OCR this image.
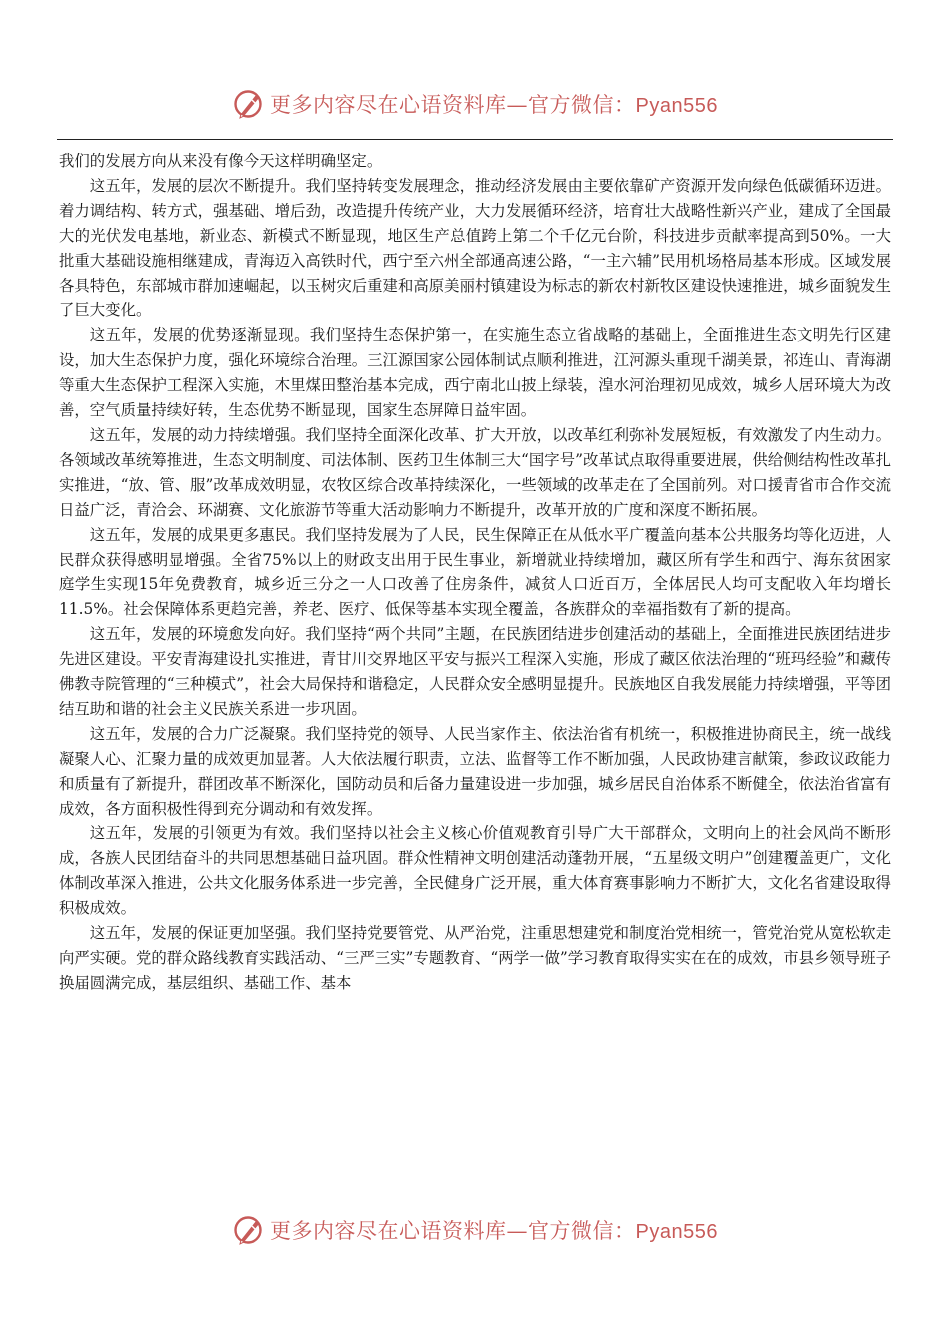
更多内容尽在心语资料库—官方微信：Pyan556

我们的发展方向从来没有像今天这样明确坚定。

这五年，发展的层次不断提升。我们坚持转变发展理念，推动经济发展由主要依靠矿产资源开发向绿色低碳循环迈进。着力调结构、转方式，强基础、增后劲，改造提升传统产业，大力发展循环经济，培育壮大战略性新兴产业，建成了全国最大的光伏发电基地，新业态、新模式不断显现，地区生产总值跨上第二个千亿元台阶，科技进步贡献率提高到50%。一大批重大基础设施相继建成，青海迈入高铁时代，西宁至六州全部通高速公路，“一主六辅”民用机场格局基本形成。区域发展各具特色，东部城市群加速崛起，以玉树灾后重建和高原美丽村镇建设为标志的新农村新牧区建设快速推进，城乡面貌发生了巨大变化。

这五年，发展的优势逐渐显现。我们坚持生态保护第一，在实施生态立省战略的基础上，全面推进生态文明先行区建设，加大生态保护力度，强化环境综合治理。三江源国家公园体制试点顺利推进，江河源头重现千湖美景，祁连山、青海湖等重大生态保护工程深入实施，木里煤田整治基本完成，西宁南北山披上绿装，湟水河治理初见成效，城乡人居环境大为改善，空气质量持续好转，生态优势不断显现，国家生态屏障日益牢固。

这五年，发展的动力持续增强。我们坚持全面深化改革、扩大开放，以改革红利弥补发展短板，有效激发了内生动力。各领域改革统筹推进，生态文明制度、司法体制、医药卫生体制三大“国字号”改革试点取得重要进展，供给侧结构性改革扎实推进，“放、管、服”改革成效明显，农牧区综合改革持续深化，一些领域的改革走在了全国前列。对口援青省市合作交流日益广泛，青洽会、环湖赛、文化旅游节等重大活动影响力不断提升，改革开放的广度和深度不断拓展。

这五年，发展的成果更多惠民。我们坚持发展为了人民，民生保障正在从低水平广覆盖向基本公共服务均等化迈进，人民群众获得感明显增强。全省75%以上的财政支出用于民生事业，新增就业持续增加，藏区所有学生和西宁、海东贫困家庭学生实现15年免费教育，城乡近三分之一人口改善了住房条件，减贫人口近百万，全体居民人均可支配收入年均增长11.5%。社会保障体系更趋完善，养老、医疗、低保等基本实现全覆盖，各族群众的幸福指数有了新的提高。

这五年，发展的环境愈发向好。我们坚持“两个共同”主题，在民族团结进步创建活动的基础上，全面推进民族团结进步先进区建设。平安青海建设扎实推进，青甘川交界地区平安与振兴工程深入实施，形成了藏区依法治理的“班玛经验”和藏传佛教寺院管理的“三种模式”，社会大局保持和谐稳定，人民群众安全感明显提升。民族地区自我发展能力持续增强，平等团结互助和谐的社会主义民族关系进一步巩固。

这五年，发展的合力广泛凝聚。我们坚持党的领导、人民当家作主、依法治省有机统一，积极推进协商民主，统一战线凝聚人心、汇聚力量的成效更加显著。人大依法履行职责，立法、监督等工作不断加强，人民政协建言献策，参政议政能力和质量有了新提升，群团改革不断深化，国防动员和后备力量建设进一步加强，城乡居民自治体系不断健全，依法治省富有成效，各方面积极性得到充分调动和有效发挥。

这五年，发展的引领更为有效。我们坚持以社会主义核心价值观教育引导广大干部群众，文明向上的社会风尚不断形成，各族人民团结奋斗的共同思想基础日益巩固。群众性精神文明创建活动蓬勃开展，“五星级文明户”创建覆盖更广，文化体制改革深入推进，公共文化服务体系进一步完善，全民健身广泛开展，重大体育赛事影响力不断扩大，文化名省建设取得积极成效。

这五年，发展的保证更加坚强。我们坚持党要管党、从严治党，注重思想建党和制度治党相统一，管党治党从宽松软走向严实硬。党的群众路线教育实践活动、“三严三实”专题教育、“两学一做”学习教育取得实实在在的成效，市县乡领导班子换届圆满完成，基层组织、基础工作、基本

更多内容尽在心语资料库—官方微信：Pyan556
